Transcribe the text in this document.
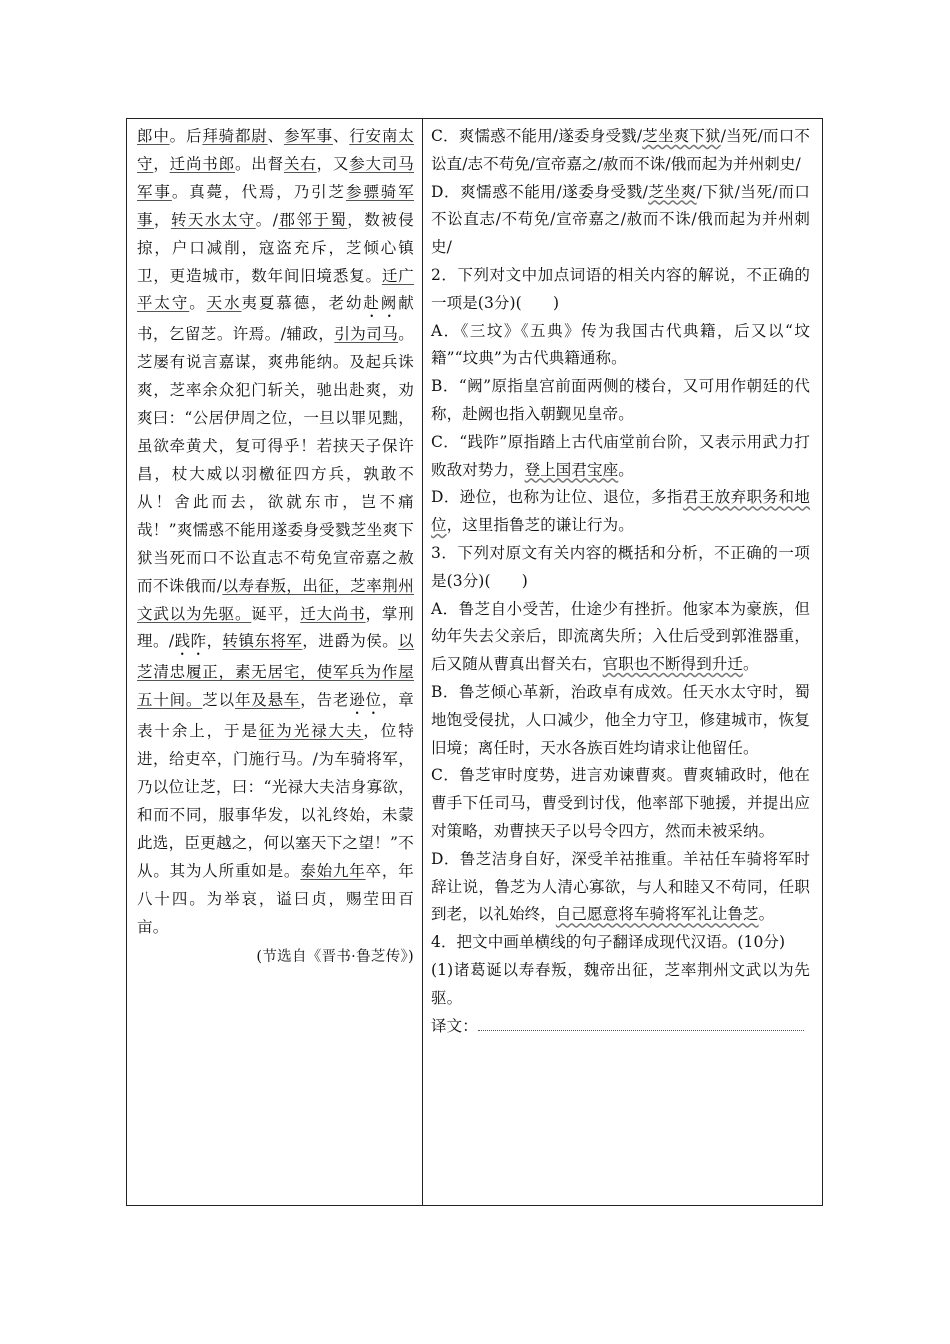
郎中。后拜骑都尉、参军事、行安南太守，迁尚书郎。出督关右，又参大司马军事。真薨，代焉，乃引芝参骠骑军事，转天水太守。/郡邻于蜀，数被侵掠，户口减削，寇盗充斥，芝倾心镇卫，更造城市，数年间旧境悉复。迁广平太守。天水夷夏慕德，老幼赴阙献书，乞留芝。许焉。/辅政，引为司马。芝屡有说言嘉谋，爽弗能纳。及起兵诛爽，芝率余众犯门斩关，驰出赴爽，劝爽曰：“公居伊周之位，一旦以罪见黜，虽欲牵黄犬，复可得乎！若挟天子保许昌，杖大威以羽檄征四方兵，孰敢不从！舍此而去，欲就东市，岂不痛哉！”爽懦惑不能用遂委身受戮芝坐爽下狱当死而口不讼直志不苟免宣帝嘉之赦而不诛俄而/以寿春叛，出征，芝率荆州文武以为先驱。诞平，迁大尚书，掌刑理。/践阼，转镇东将军，进爵为侯。以芝清忠履正，素无居宅，使军兵为作屋五十间。芝以年及悬车，告老逊位，章表十余上，于是征为光禄大夫，位特进，给吏卒，门施行马。/为车骑将军，乃以位让芝，曰：“光禄大夫洁身寡欲，和而不同，服事华发，以礼终始，未蒙此选，臣更越之，何以塞天下之望！”不从。其为人所重如是。泰始九年卒，年八十四。为举哀，谥曰贞，赐茔田百亩。

(节选自《晋书·鲁芝传》)

C．爽懦惑不能用/遂委身受戮/芝坐爽下狱/当死/而口不讼直/志不苟免/宣帝嘉之/赦而不诛/俄而起为并州刺史/

D．爽懦惑不能用/遂委身受戮/芝坐爽/下狱/当死/而口不讼直志/不苟免/宣帝嘉之/赦而不诛/俄而起为并州刺史/

2．下列对文中加点词语的相关内容的解说，不正确的一项是(3分)(　　)

A．《三坟》《五典》传为我国古代典籍，后又以“坟籍”“坟典”为古代典籍通称。

B．“阙”原指皇宫前面两侧的楼台，又可用作朝廷的代称，赴阙也指入朝觐见皇帝。

C．“践阼”原指踏上古代庙堂前台阶，又表示用武力打败敌对势力，登上国君宝座。

D．逊位，也称为让位、退位，多指君王放弃职务和地位，这里指鲁芝的谦让行为。

3．下列对原文有关内容的概括和分析，不正确的一项是(3分)(　　)

A．鲁芝自小受苦，仕途少有挫折。他家本为豪族，但幼年失去父亲后，即流离失所；入仕后受到郭淮器重，后又随从曹真出督关右，官职也不断得到升迁。

B．鲁芝倾心革新，治政卓有成效。任天水太守时，蜀地饱受侵扰，人口减少，他全力守卫，修建城市，恢复旧境；离任时，天水各族百姓均请求让他留任。

C．鲁芝审时度势，进言劝谏曹爽。曹爽辅政时，他在曹手下任司马，曹受到讨伐，他率部下驰援，并提出应对策略，劝曹挟天子以号令四方，然而未被采纳。

D．鲁芝洁身自好，深受羊祜推重。羊祜任车骑将军时辞让说，鲁芝为人清心寡欲，与人和睦又不苟同，任职到老，以礼始终，自己愿意将车骑将军礼让鲁芝。

4．把文中画单横线的句子翻译成现代汉语。(10分)

(1)诸葛诞以寿春叛，魏帝出征，芝率荆州文武以为先驱。

译文：
